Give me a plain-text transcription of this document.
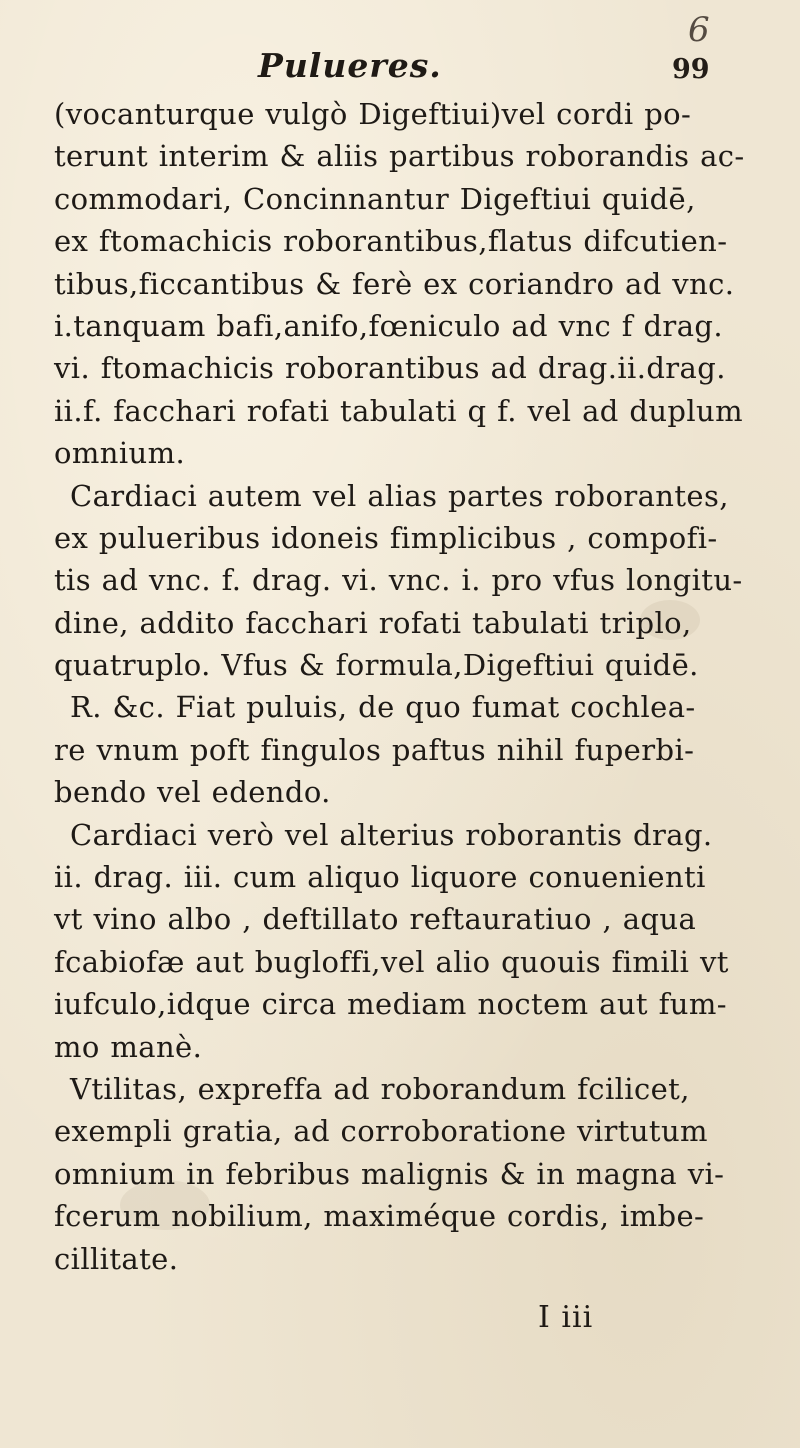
6
Pulueres.	99
(vocanturque vulgò Digeftiui)vel cordi po-
terunt interim & aliis partibus roborandis ac-
commodari, Concinnantur Digeftiui quidē,
ex ftomachicis roborantibus,flatus difcutien-
tibus,ficcantibus & ferè ex coriandro ad vnc.
i.tanquam bafi,anifo,fœniculo ad vnc f drag.
vi. ftomachicis roborantibus ad drag.ii.drag.
ii.f. facchari rofati tabulati q f. vel ad duplum
omnium.
Cardiaci autem vel alias partes roborantes,
ex pulueribus idoneis fimplicibus , compofi-
tis ad vnc. f. drag. vi. vnc. i. pro vfus longitu-
dine, addito facchari rofati tabulati triplo,
quatruplo. Vfus & formula,Digeftiui quidē.
R. &c. Fiat puluis, de quo fumat cochlea-
re vnum poft fingulos paftus nihil fuperbi-
bendo vel edendo.
Cardiaci verò vel alterius roborantis drag.
ii. drag. iii. cum aliquo liquore conuenienti
vt vino albo , deftillato reftauratiuo , aqua
fcabiofæ aut bugloffi,vel alio quouis fimili vt
iufculo,idque circa mediam noctem aut fum-
mo manè.
Vtilitas, expreffa ad roborandum fcilicet,
exempli gratia, ad corroboratione virtutum
omnium in febribus malignis & in magna vi-
fcerum nobilium, maximéque cordis, imbe-
cillitate.
I iii
